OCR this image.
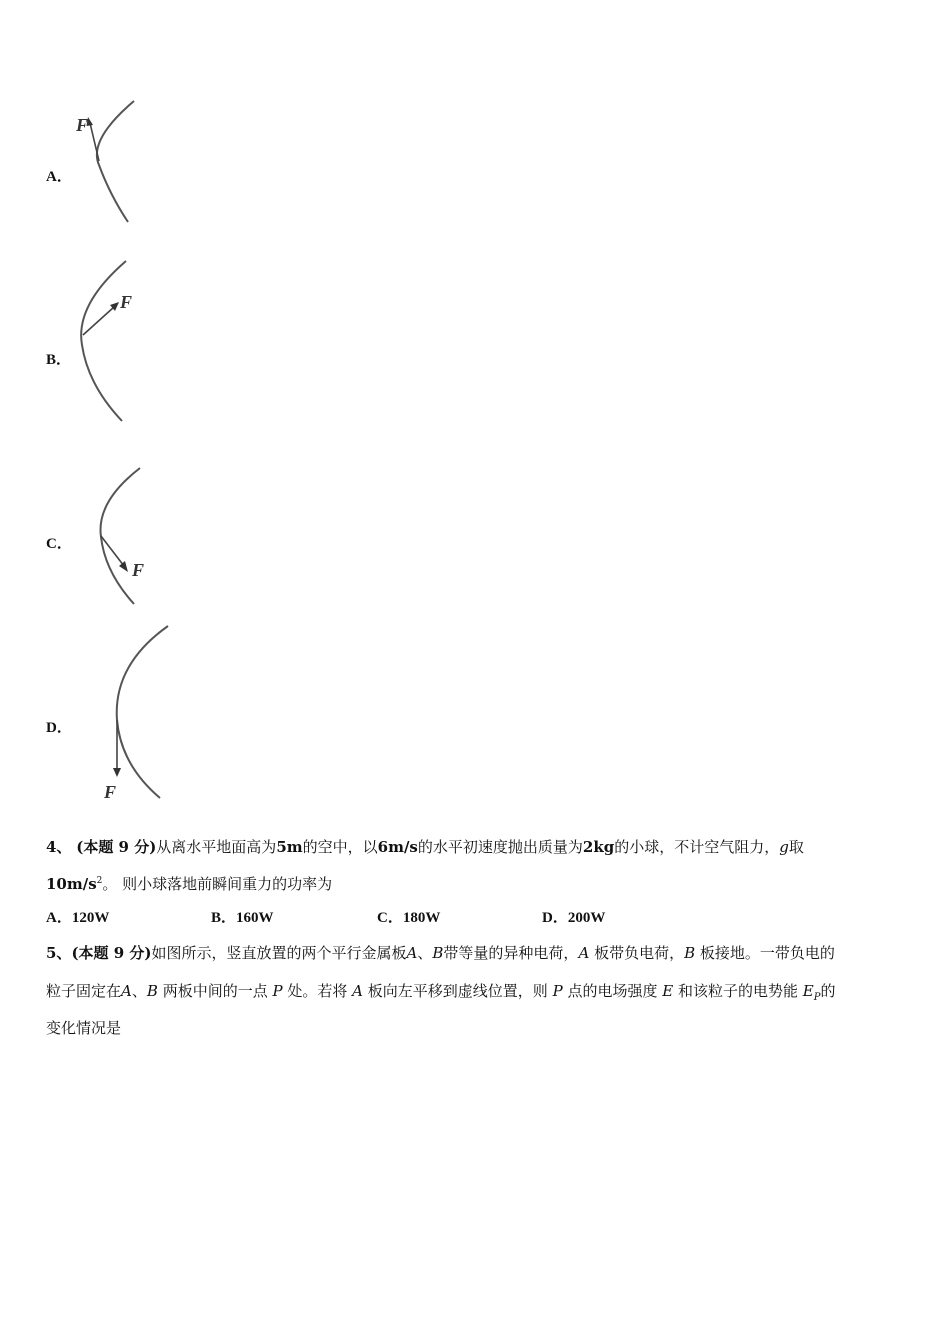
A．
F
B．
F
C．
F
D．
F
4、 (本题 9 分)从离水平地面高为5m的空中，以6m/s的水平初速度抛出质量为2kg的小球，不计空气阻力，g取
$10m/s^2$。 则小球落地前瞬间重力的功率为
A．120W	B．160W	C．180W	D．200W
5、(本题 9 分)如图所示，竖直放置的两个平行金属板A、B带等量的异种电荷，A 板带负电荷，B 板接地。一带负电的
粒子固定在A、B 两板中间的一点 P 处。若将 A 板向左平移到虚线位置，则 P 点的电场强度 E 和该粒子的电势能 $E_P$的
变化情况是
